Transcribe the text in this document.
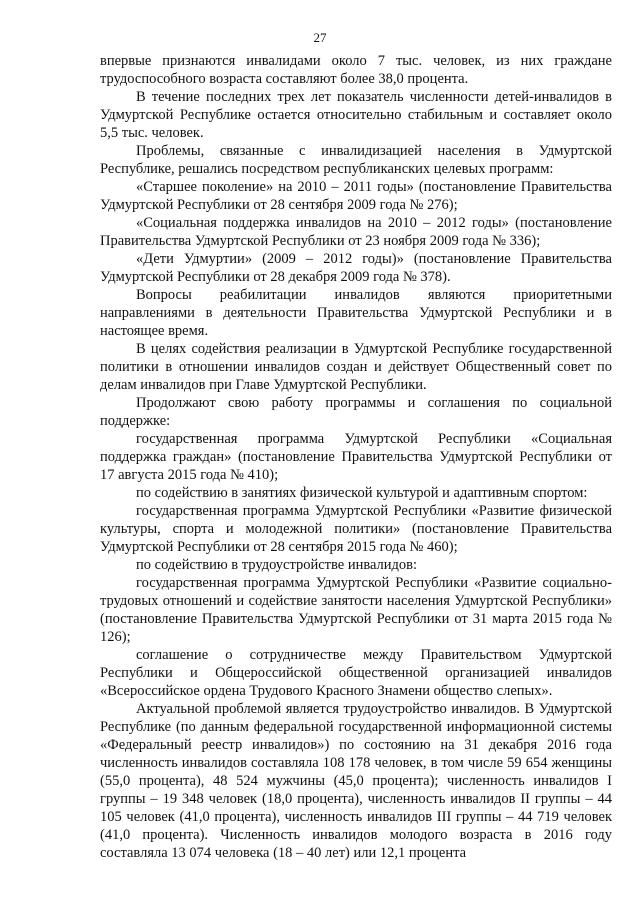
27

впервые признаются инвалидами около 7 тыс. человек, из них граждане трудоспособного возраста составляют более 38,0 процента.

В течение последних трех лет показатель численности детей-инвалидов в Удмуртской Республике остается относительно стабильным и составляет около 5,5 тыс. человек.

Проблемы, связанные с инвалидизацией населения в Удмуртской Республике, решались посредством республиканских целевых программ:

«Старшее поколение» на 2010 – 2011 годы» (постановление Правительства Удмуртской Республики от 28 сентября 2009 года № 276);

«Социальная поддержка инвалидов на 2010 – 2012 годы» (постановление Правительства Удмуртской Республики от 23 ноября 2009 года № 336);

«Дети Удмуртии» (2009 – 2012 годы)» (постановление Правительства Удмуртской Республики от 28 декабря 2009 года № 378).

Вопросы реабилитации инвалидов являются приоритетными направлениями в деятельности Правительства Удмуртской Республики и в настоящее время.

В целях содействия реализации в Удмуртской Республике государственной политики в отношении инвалидов создан и действует Общественный совет по делам инвалидов при Главе Удмуртской Республики.

Продолжают свою работу программы и соглашения по социальной поддержке:

государственная программа Удмуртской Республики «Социальная поддержка граждан» (постановление Правительства Удмуртской Республики от 17 августа 2015 года № 410);

по содействию в занятиях физической культурой и адаптивным спортом:

государственная программа Удмуртской Республики «Развитие физической культуры, спорта и молодежной политики» (постановление Правительства Удмуртской Республики от 28 сентября 2015 года № 460);

по содействию в трудоустройстве инвалидов:

государственная программа Удмуртской Республики «Развитие социально-трудовых отношений и содействие занятости населения Удмуртской Республики» (постановление Правительства Удмуртской Республики от 31 марта 2015 года № 126);

соглашение о сотрудничестве между Правительством Удмуртской Республики и Общероссийской общественной организацией инвалидов «Всероссийское ордена Трудового Красного Знамени общество слепых».

Актуальной проблемой является трудоустройство инвалидов. В Удмуртской Республике (по данным федеральной государственной информационной системы «Федеральный реестр инвалидов») по состоянию на 31 декабря 2016 года численность инвалидов составляла 108 178 человек, в том числе 59 654 женщины (55,0 процента), 48 524 мужчины (45,0 процента); численность инвалидов I группы – 19 348 человек (18,0 процента), численность инвалидов II группы – 44 105 человек (41,0 процента), численность инвалидов III группы – 44 719 человек (41,0 процента). Численность инвалидов молодого возраста в 2016 году составляла 13 074 человека (18 – 40 лет) или 12,1 процента
